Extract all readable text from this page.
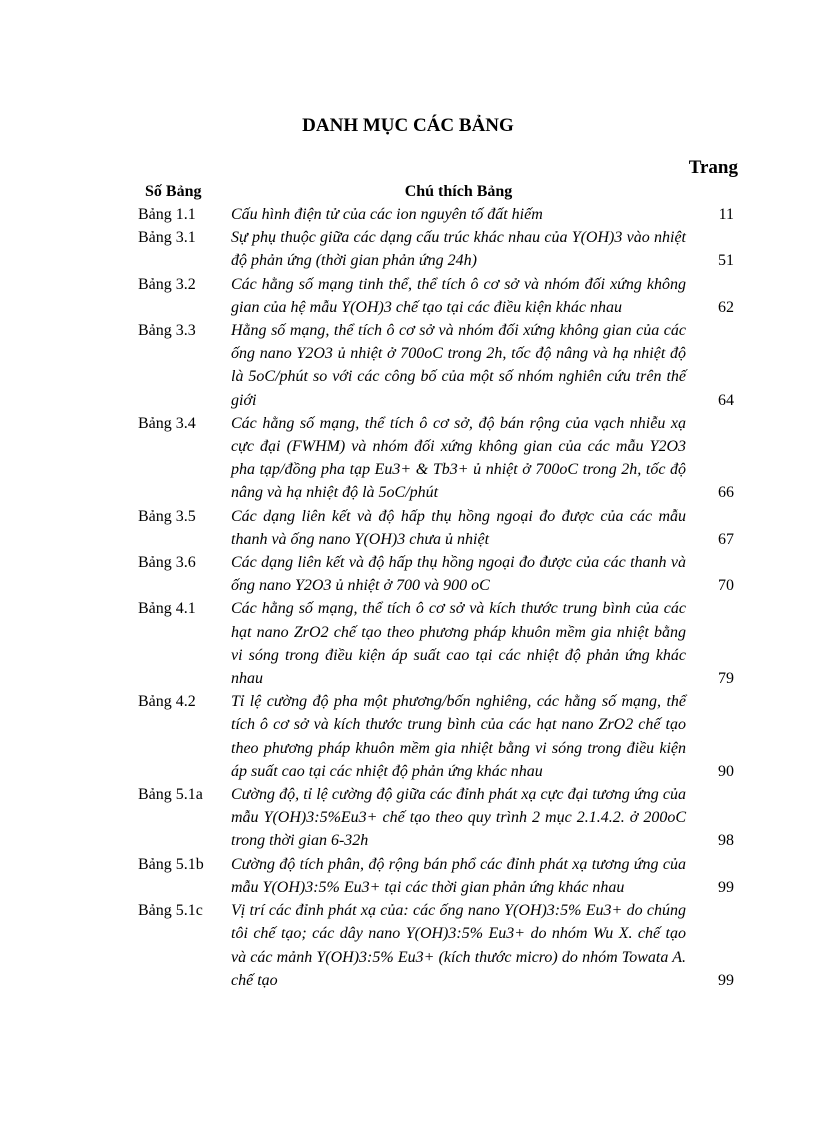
DANH MỤC CÁC BẢNG
Trang
Số Bảng	Chú thích Bảng
Bảng 1.1 Cấu hình điện tử của các ion nguyên tố đất hiếm	11
Bảng 3.1 Sự phụ thuộc giữa các dạng cấu trúc khác nhau của Y(OH)3 vào nhiệt độ phản ứng (thời gian phản ứng 24h)	51
Bảng 3.2 Các hằng số mạng tinh thể, thể tích ô cơ sở và nhóm đối xứng không gian của hệ mẫu Y(OH)3 chế tạo tại các điều kiện khác nhau	62
Bảng 3.3 Hằng số mạng, thể tích ô cơ sở và nhóm đối xứng không gian của các ống nano Y2O3 ủ nhiệt ở 700oC trong 2h, tốc độ nâng và hạ nhiệt độ là 5oC/phút so với các công bố của một số nhóm nghiên cứu trên thế giới	64
Bảng 3.4 Các hằng số mạng, thể tích ô cơ sở, độ bán rộng của vạch nhiễu xạ cực đại (FWHM) và nhóm đối xứng không gian của các mẫu Y2O3 pha tạp/đồng pha tạp Eu3+ & Tb3+ ủ nhiệt ở 700oC trong 2h, tốc độ nâng và hạ nhiệt độ là 5oC/phút	66
Bảng 3.5 Các dạng liên kết và độ hấp thụ hồng ngoại đo được của các mẫu thanh và ống nano Y(OH)3 chưa ủ nhiệt	67
Bảng 3.6 Các dạng liên kết và độ hấp thụ hồng ngoại đo được của các thanh và ống nano Y2O3 ủ nhiệt ở 700 và 900 oC	70
Bảng 4.1 Các hằng số mạng, thể tích ô cơ sở và kích thước trung bình của các hạt nano ZrO2 chế tạo theo phương pháp khuôn mềm gia nhiệt bằng vi sóng trong điều kiện áp suất cao tại các nhiệt độ phản ứng khác nhau	79
Bảng 4.2 Tỉ lệ cường độ pha một phương/bốn nghiêng, các hằng số mạng, thể tích ô cơ sở và kích thước trung bình của các hạt nano ZrO2 chế tạo theo phương pháp khuôn mềm gia nhiệt bằng vi sóng trong điều kiện áp suất cao tại các nhiệt độ phản ứng khác nhau	90
Bảng 5.1a Cường độ, tỉ lệ cường độ giữa các đỉnh phát xạ cực đại tương ứng của mẫu Y(OH)3:5%Eu3+ chế tạo theo quy trình 2 mục 2.1.4.2. ở 200oC trong thời gian 6-32h	98
Bảng 5.1b Cường độ tích phân, độ rộng bán phổ các đỉnh phát xạ tương ứng của mẫu Y(OH)3:5% Eu3+ tại các thời gian phản ứng khác nhau	99
Bảng 5.1c Vị trí các đỉnh phát xạ của: các ống nano Y(OH)3:5% Eu3+ do chúng tôi chế tạo; các dây nano Y(OH)3:5% Eu3+ do nhóm Wu X. chế tạo và các mảnh Y(OH)3:5% Eu3+ (kích thước micro) do nhóm Towata A. chế tạo	99
